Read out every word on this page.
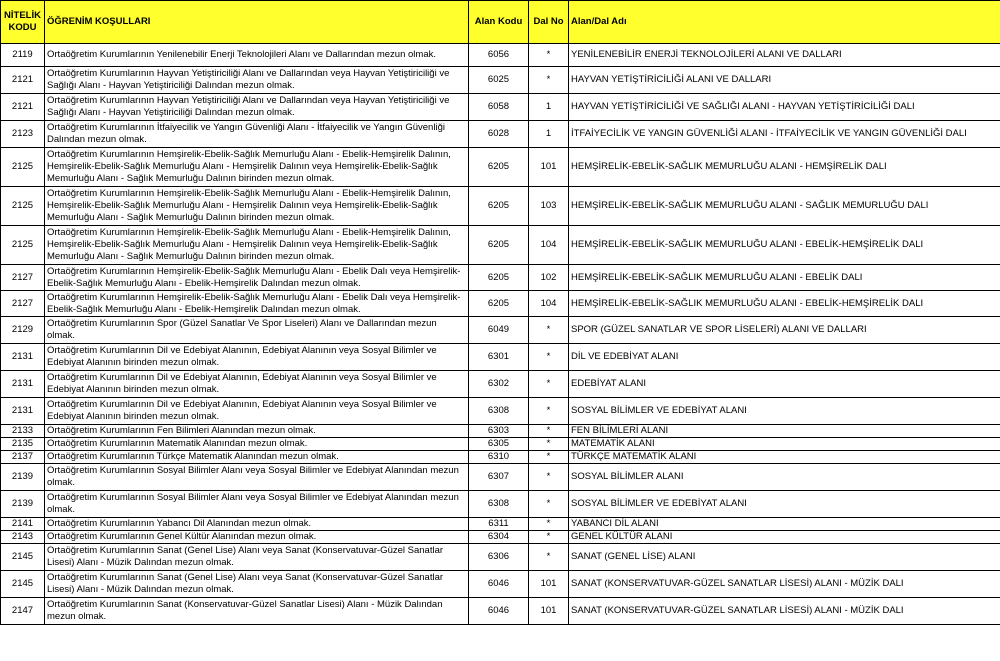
NİTELİK KODU	ÖĞRENİM KOŞULLARI	Alan Kodu	Dal No	Alan/Dal Adı
2119	Ortaöğretim Kurumlarının Yenilenebilir Enerji Teknolojileri Alanı ve Dallarından mezun olmak.	6056	*	YENİLENEBİLİR ENERJİ TEKNOLOJİLERİ ALANI VE DALLARI
2121	Ortaöğretim Kurumlarının Hayvan Yetiştiriciliği Alanı ve Dallarından veya Hayvan Yetiştiriciliği ve Sağlığı Alanı - Hayvan Yetiştiriciliği Dalından mezun olmak.	6025	*	HAYVAN YETİŞTİRİCİLİĞİ ALANI VE DALLARI
2121	Ortaöğretim Kurumlarının Hayvan Yetiştiriciliği Alanı ve Dallarından veya Hayvan Yetiştiriciliği ve Sağlığı Alanı - Hayvan Yetiştiriciliği Dalından mezun olmak.	6058	1	HAYVAN YETİŞTİRİCİLİĞİ VE SAĞLIĞI ALANI - HAYVAN YETİŞTİRİCİLİĞİ DALI
2123	Ortaöğretim Kurumlarının İtfaiyecilik ve Yangın Güvenliği Alanı - İtfaiyecilik ve Yangın Güvenliği Dalından mezun olmak.	6028	1	İTFAİYECİLİK VE YANGIN GÜVENLİĞİ ALANI - İTFAİYECİLİK VE YANGIN GÜVENLİĞİ DALI
2125	Ortaöğretim Kurumlarının Hemşirelik-Ebelik-Sağlık Memurluğu Alanı - Ebelik-Hemşirelik Dalının, Hemşirelik-Ebelik-Sağlık Memurluğu Alanı - Hemşirelik Dalının veya Hemşirelik-Ebelik-Sağlık Memurluğu Alanı - Sağlık Memurluğu Dalının birinden mezun olmak.	6205	101	HEMŞİRELİK-EBELİK-SAĞLIK MEMURLUĞU ALANI - HEMŞİRELİK DALI
2125	Ortaöğretim Kurumlarının Hemşirelik-Ebelik-Sağlık Memurluğu Alanı - Ebelik-Hemşirelik Dalının, Hemşirelik-Ebelik-Sağlık Memurluğu Alanı - Hemşirelik Dalının veya Hemşirelik-Ebelik-Sağlık Memurluğu Alanı - Sağlık Memurluğu Dalının birinden mezun olmak.	6205	103	HEMŞİRELİK-EBELİK-SAĞLIK MEMURLUĞU ALANI - SAĞLIK MEMURLUĞU DALI
2125	Ortaöğretim Kurumlarının Hemşirelik-Ebelik-Sağlık Memurluğu Alanı - Ebelik-Hemşirelik Dalının, Hemşirelik-Ebelik-Sağlık Memurluğu Alanı - Hemşirelik Dalının veya Hemşirelik-Ebelik-Sağlık Memurluğu Alanı - Sağlık Memurluğu Dalının birinden mezun olmak.	6205	104	HEMŞİRELİK-EBELİK-SAĞLIK MEMURLUĞU ALANI - EBELİK-HEMŞİRELİK DALI
2127	Ortaöğretim Kurumlarının Hemşirelik-Ebelik-Sağlık Memurluğu Alanı - Ebelik Dalı veya Hemşirelik-Ebelik-Sağlık Memurluğu Alanı - Ebelik-Hemşirelik Dalından mezun olmak.	6205	102	HEMŞİRELİK-EBELİK-SAĞLIK MEMURLUĞU ALANI - EBELİK DALI
2127	Ortaöğretim Kurumlarının Hemşirelik-Ebelik-Sağlık Memurluğu Alanı - Ebelik Dalı veya Hemşirelik-Ebelik-Sağlık Memurluğu Alanı - Ebelik-Hemşirelik Dalından mezun olmak.	6205	104	HEMŞİRELİK-EBELİK-SAĞLIK MEMURLUĞU ALANI - EBELİK-HEMŞİRELİK DALI
2129	Ortaöğretim Kurumlarının Spor (Güzel Sanatlar Ve Spor Liseleri) Alanı ve Dallarından mezun olmak.	6049	*	SPOR (GÜZEL SANATLAR VE SPOR LİSELERİ) ALANI VE DALLARI
2131	Ortaöğretim Kurumlarının Dil ve Edebiyat Alanının, Edebiyat Alanının veya Sosyal Bilimler ve Edebiyat Alanının birinden mezun olmak.	6301	*	DİL VE EDEBİYAT ALANI
2131	Ortaöğretim Kurumlarının Dil ve Edebiyat Alanının, Edebiyat Alanının veya Sosyal Bilimler ve Edebiyat Alanının birinden mezun olmak.	6302	*	EDEBİYAT ALANI
2131	Ortaöğretim Kurumlarının Dil ve Edebiyat Alanının, Edebiyat Alanının veya Sosyal Bilimler ve Edebiyat Alanının birinden mezun olmak.	6308	*	SOSYAL BİLİMLER VE EDEBİYAT ALANI
2133	Ortaöğretim Kurumlarının Fen Bilimleri Alanından mezun olmak.	6303	*	FEN BİLİMLERİ ALANI
2135	Ortaöğretim Kurumlarının Matematik Alanından mezun olmak.	6305	*	MATEMATİK ALANI
2137	Ortaöğretim Kurumlarının Türkçe Matematik Alanından mezun olmak.	6310	*	TÜRKÇE MATEMATİK ALANI
2139	Ortaöğretim Kurumlarının Sosyal Bilimler Alanı veya Sosyal Bilimler ve Edebiyat Alanından mezun olmak.	6307	*	SOSYAL BİLİMLER ALANI
2139	Ortaöğretim Kurumlarının Sosyal Bilimler Alanı veya Sosyal Bilimler ve Edebiyat Alanından mezun olmak.	6308	*	SOSYAL BİLİMLER VE EDEBİYAT ALANI
2141	Ortaöğretim Kurumlarının Yabancı Dil Alanından mezun olmak.	6311	*	YABANCI DİL ALANI
2143	Ortaöğretim Kurumlarının Genel Kültür Alanından mezun olmak.	6304	*	GENEL KÜLTÜR ALANI
2145	Ortaöğretim Kurumlarının Sanat (Genel Lise) Alanı veya Sanat (Konservatuvar-Güzel Sanatlar Lisesi) Alanı - Müzik Dalından mezun olmak.	6306	*	SANAT (GENEL LİSE) ALANI
2145	Ortaöğretim Kurumlarının Sanat (Genel Lise) Alanı veya Sanat (Konservatuvar-Güzel Sanatlar Lisesi) Alanı - Müzik Dalından mezun olmak.	6046	101	SANAT (KONSERVATUVAR-GÜZEL SANATLAR LİSESİ) ALANI - MÜZİK DALI
2147	Ortaöğretim Kurumlarının Sanat (Konservatuvar-Güzel Sanatlar Lisesi) Alanı - Müzik Dalından mezun olmak.	6046	101	SANAT (KONSERVATUVAR-GÜZEL SANATLAR LİSESİ) ALANI - MÜZİK DALI
